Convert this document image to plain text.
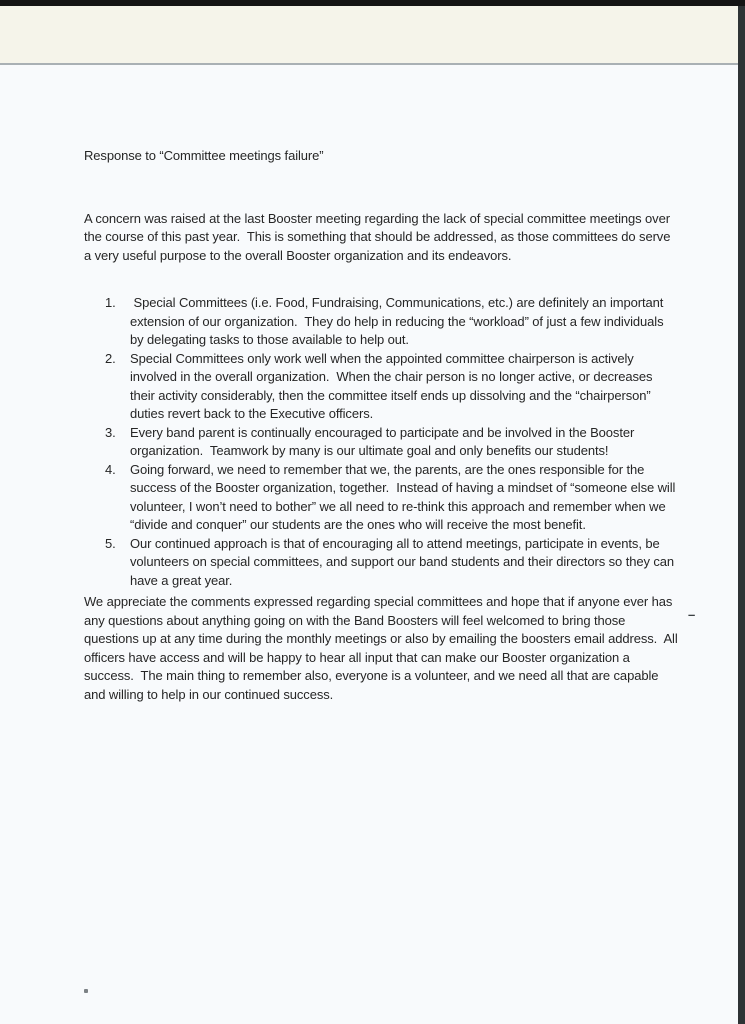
Response to “Committee meetings failure”

A concern was raised at the last Booster meeting regarding the lack of special committee meetings over the course of this past year.  This is something that should be addressed, as those committees do serve a very useful purpose to the overall Booster organization and its endeavors.

1.	Special Committees (i.e. Food, Fundraising, Communications, etc.) are definitely an important extension of our organization.  They do help in reducing the “workload” of just a few individuals by delegating tasks to those available to help out.
2.	Special Committees only work well when the appointed committee chairperson is actively involved in the overall organization.  When the chair person is no longer active, or decreases their activity considerably, then the committee itself ends up dissolving and the “chairperson” duties revert back to the Executive officers.
3.	Every band parent is continually encouraged to participate and be involved in the Booster organization.  Teamwork by many is our ultimate goal and only benefits our students!
4.	Going forward, we need to remember that we, the parents, are the ones responsible for the success of the Booster organization, together.  Instead of having a mindset of “someone else will volunteer, I won’t need to bother” we all need to re-think this approach and remember when we “divide and conquer” our students are the ones who will receive the most benefit.
5.	Our continued approach is that of encouraging all to attend meetings, participate in events, be volunteers on special committees, and support our band students and their directors so they can have a great year.

We appreciate the comments expressed regarding special committees and hope that if anyone ever has any questions about anything going on with the Band Boosters will feel welcomed to bring those questions up at any time during the monthly meetings or also by emailing the boosters email address.  All officers have access and will be happy to hear all input that can make our Booster organization a success.  The main thing to remember also, everyone is a volunteer, and we need all that are capable and willing to help in our continued success.

–
